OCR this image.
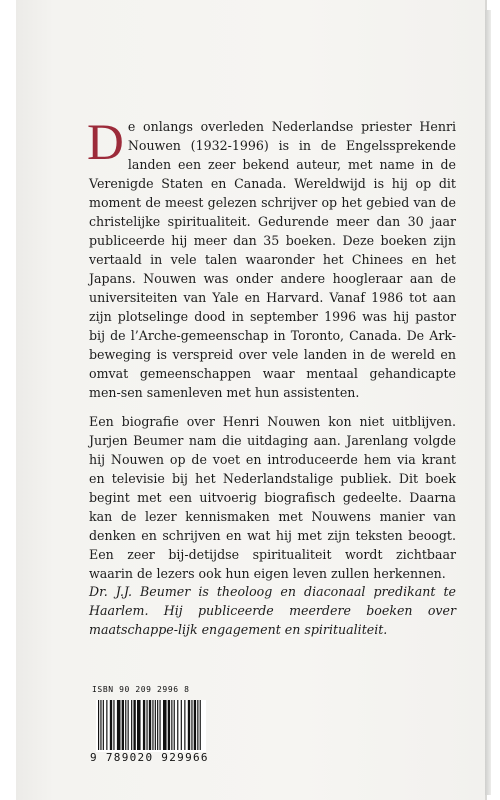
De onlangs overleden Nederlandse priester Henri Nouwen (1932-1996) is in de Engelssprekende landen een zeer bekend auteur, met name in de Verenigde Staten en Canada. Wereldwijd is hij op dit moment de meest gelezen schrijver op het gebied van de christelijke spiritualiteit. Gedurende meer dan 30 jaar publiceerde hij meer dan 35 boeken. Deze boeken zijn vertaald in vele talen waaronder het Chinees en het Japans. Nouwen was onder andere hoogleraar aan de universiteiten van Yale en Harvard. Vanaf 1986 tot aan zijn plotselinge dood in september 1996 was hij pastor bij de l’Arche-gemeenschap in Toronto, Canada. De Ark-beweging is verspreid over vele landen in de wereld en omvat gemeenschappen waar mentaal gehandicapte men-sen samenleven met hun assistenten.

Een biografie over Henri Nouwen kon niet uitblijven. Jurjen Beumer nam die uitdaging aan. Jarenlang volgde hij Nouwen op de voet en introduceerde hem via krant en televisie bij het Nederlandstalige publiek. Dit boek begint met een uitvoerig biografisch gedeelte. Daarna kan de lezer kennismaken met Nouwens manier van denken en schrijven en wat hij met zijn teksten beoogt. Een zeer bij-detijdse spiritualiteit wordt zichtbaar waarin de lezers ook hun eigen leven zullen herkennen.

Dr. J.J. Beumer is theoloog en diaconaal predikant te Haarlem. Hij publiceerde meerdere boeken over maatschappe-lijk engagement en spiritualiteit.

ISBN 90 209 2996 8
9 789020 929966
